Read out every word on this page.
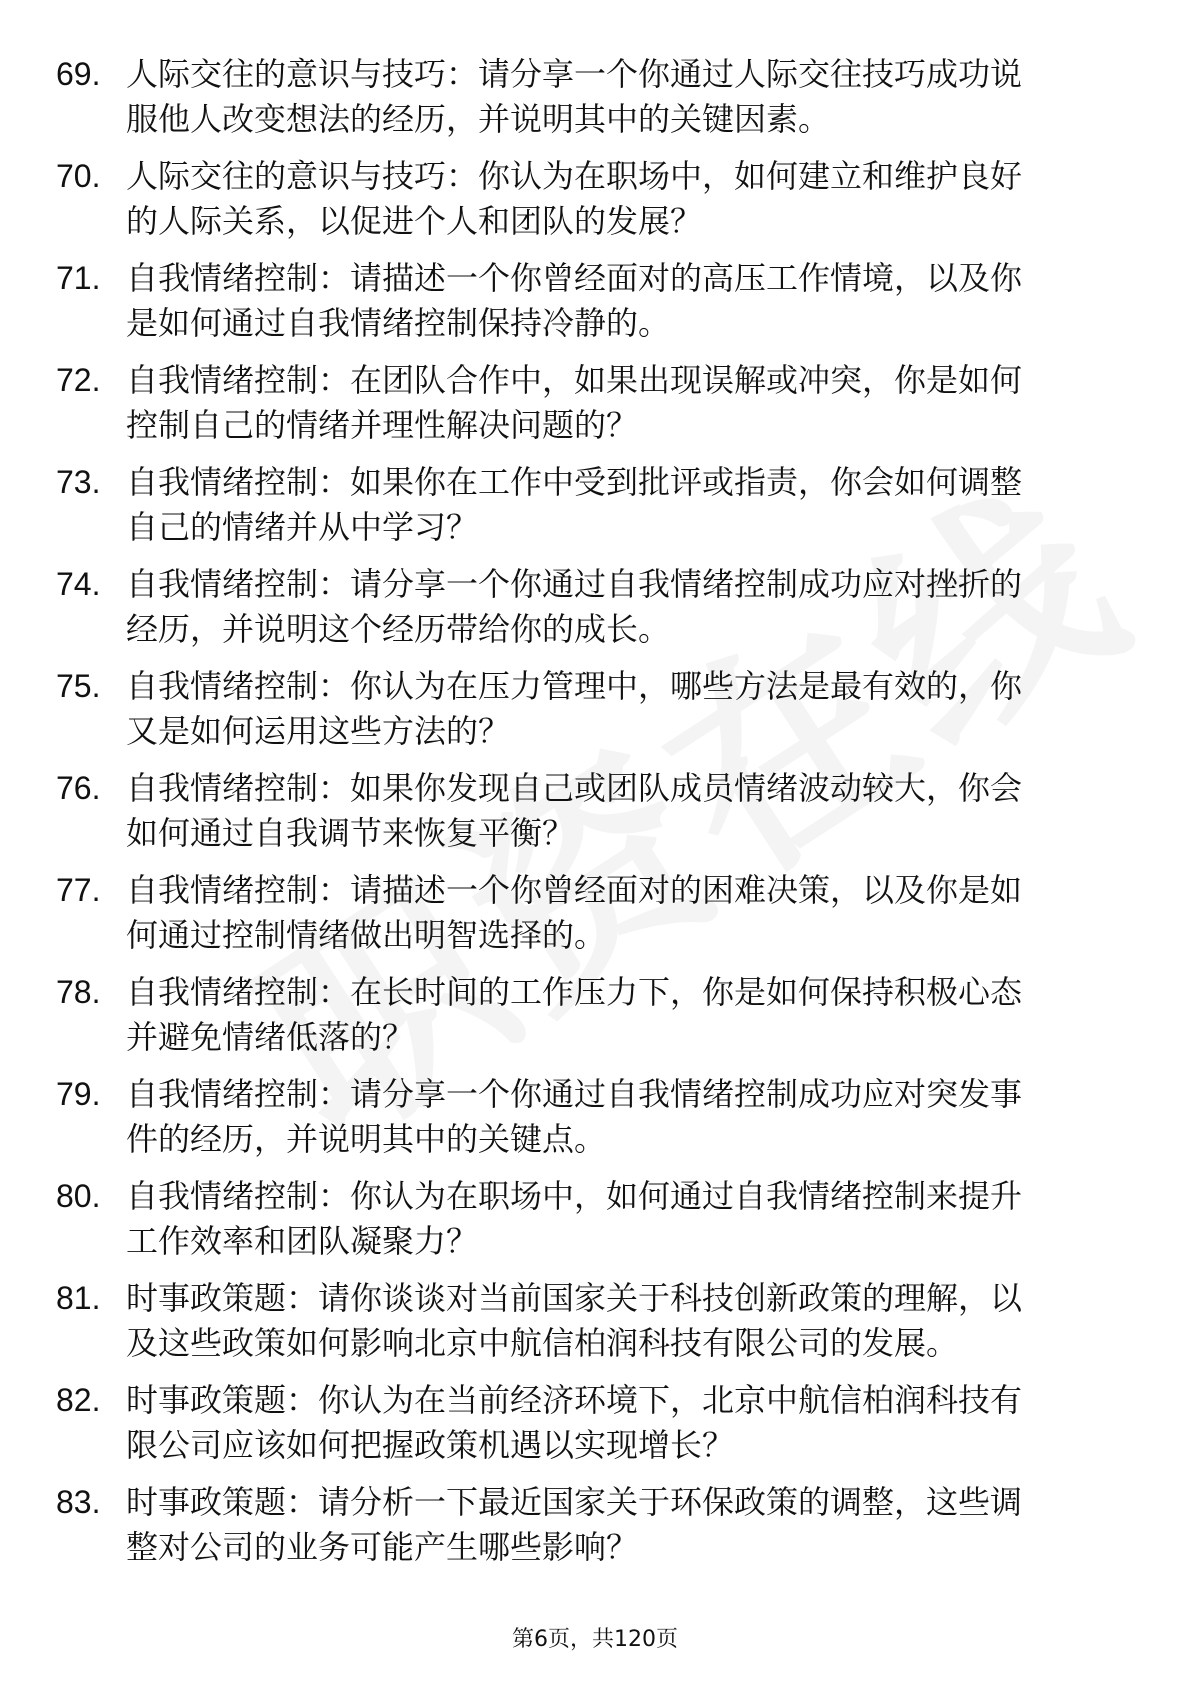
69. 人际交往的意识与技巧：请分享一个你通过人际交往技巧成功说
服他人改变想法的经历，并说明其中的关键因素。
70. 人际交往的意识与技巧：你认为在职场中，如何建立和维护良好
的人际关系，以促进个人和团队的发展？
71. 自我情绪控制：请描述一个你曾经面对的高压工作情境，以及你
是如何通过自我情绪控制保持冷静的。
72. 自我情绪控制：在团队合作中，如果出现误解或冲突，你是如何
控制自己的情绪并理性解决问题的？
73. 自我情绪控制：如果你在工作中受到批评或指责，你会如何调整
自己的情绪并从中学习？
74. 自我情绪控制：请分享一个你通过自我情绪控制成功应对挫折的
经历，并说明这个经历带给你的成长。
75. 自我情绪控制：你认为在压力管理中，哪些方法是最有效的，你
又是如何运用这些方法的？
76. 自我情绪控制：如果你发现自己或团队成员情绪波动较大，你会
如何通过自我调节来恢复平衡？
77. 自我情绪控制：请描述一个你曾经面对的困难决策，以及你是如
何通过控制情绪做出明智选择的。
78. 自我情绪控制：在长时间的工作压力下，你是如何保持积极心态
并避免情绪低落的？
79. 自我情绪控制：请分享一个你通过自我情绪控制成功应对突发事
件的经历，并说明其中的关键点。
80. 自我情绪控制：你认为在职场中，如何通过自我情绪控制来提升
工作效率和团队凝聚力？
81. 时事政策题：请你谈谈对当前国家关于科技创新政策的理解，以
及这些政策如何影响北京中航信柏润科技有限公司的发展。
82. 时事政策题：你认为在当前经济环境下，北京中航信柏润科技有
限公司应该如何把握政策机遇以实现增长？
83. 时事政策题：请分析一下最近国家关于环保政策的调整，这些调
整对公司的业务可能产生哪些影响？
第6页，共120页
